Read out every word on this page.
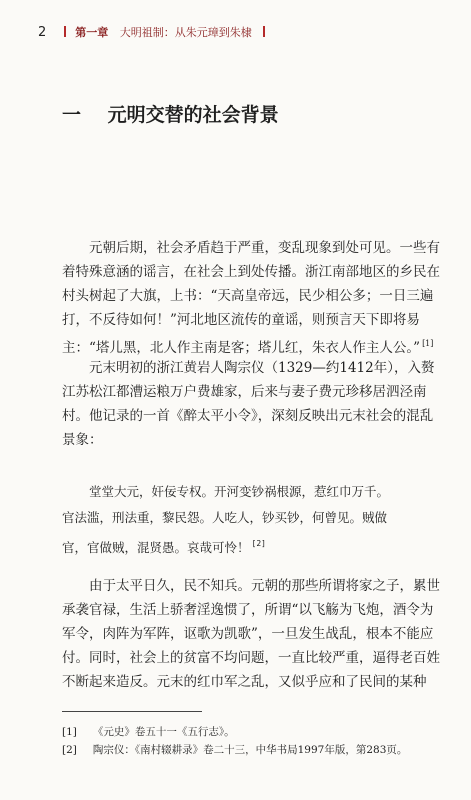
2	第一章 大明祖制：从朱元璋到朱棣
一 元明交替的社会背景

元朝后期，社会矛盾趋于严重，变乱现象到处可见。一些有
着特殊意涵的谣言，在社会上到处传播。浙江南部地区的乡民在
村头树起了大旗，上书：“天高皇帝远，民少相公多；一日三遍
打，不反待如何！”河北地区流传的童谣，则预言天下即将易
主：“塔儿黑，北人作主南是客；塔儿红，朱衣人作主人公。” [1]

元末明初的浙江黄岩人陶宗仪（1329—约1412年），入赘
江苏松江都漕运粮万户费雄家，后来与妻子费元珍移居泗泾南
村。他记录的一首《醉太平小令》，深刻反映出元末社会的混乱
景象：

堂堂大元，奸佞专权。开河变钞祸根源，惹红巾万千。
官法滥，刑法重，黎民怨。人吃人，钞买钞，何曾见。贼做
官，官做贼，混贤愚。哀哉可怜！ [2]

由于太平日久，民不知兵。元朝的那些所谓将家之子，累世
承袭官禄，生活上骄奢淫逸惯了，所谓“以飞觞为飞炮，酒令为
军令，肉阵为军阵，讴歌为凯歌”，一旦发生战乱，根本不能应
付。同时，社会上的贫富不均问题，一直比较严重，逼得老百姓
不断起来造反。元末的红巾军之乱，又似乎应和了民间的某种

[1] 《元史》卷五十一《五行志》。
[2] 陶宗仪：《南村辍耕录》卷二十三，中华书局1997年版，第283页。
